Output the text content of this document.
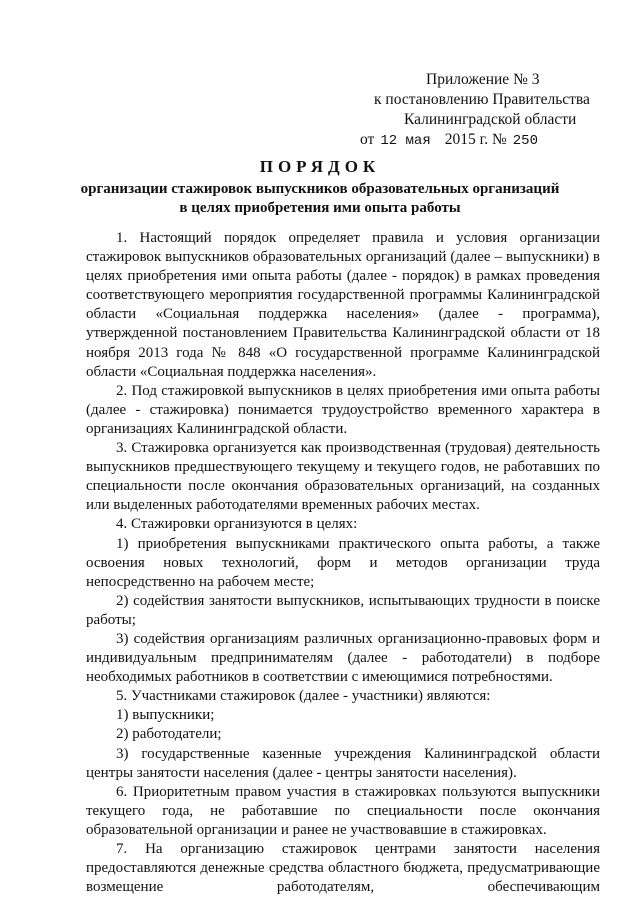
Приложение № 3
к постановлению Правительства
Калининградской области
от 12 мая 2015 г. № 250
ПОРЯДОК
организации стажировок выпускников образовательных организаций
в целях приобретения ими опыта работы

1. Настоящий порядок определяет правила и условия организации стажировок выпускников образовательных организаций (далее – выпускники) в целях приобретения ими опыта работы (далее - порядок) в рамках проведения соответствующего мероприятия государственной программы Калининградской области «Социальная поддержка населения» (далее - программа), утвержденной постановлением Правительства Калининградской области от 18 ноября 2013 года № 848 «О государственной программе Калининградской области «Социальная поддержка населения».

2. Под стажировкой выпускников в целях приобретения ими опыта работы (далее - стажировка) понимается трудоустройство временного характера в организациях Калининградской области.

3. Стажировка организуется как производственная (трудовая) деятельность выпускников предшествующего текущему и текущего годов, не работавших по специальности после окончания образовательных организаций, на созданных или выделенных работодателями временных рабочих местах.

4. Стажировки организуются в целях:

1) приобретения выпускниками практического опыта работы, а также освоения новых технологий, форм и методов организации труда непосредственно на рабочем месте;

2) содействия занятости выпускников, испытывающих трудности в поиске работы;

3) содействия организациям различных организационно-правовых форм и индивидуальным предпринимателям (далее - работодатели) в подборе необходимых работников в соответствии с имеющимися потребностями.

5. Участниками стажировок (далее - участники) являются:

1) выпускники;

2) работодатели;

3) государственные казенные учреждения Калининградской области центры занятости населения (далее - центры занятости населения).

6. Приоритетным правом участия в стажировках пользуются выпускники текущего года, не работавшие по специальности после окончания образовательной организации и ранее не участвовавшие в стажировках.

7. На организацию стажировок центрами занятости населения предоставляются денежные средства областного бюджета, предусматривающие возмещение работодателям, обеспечивающим
